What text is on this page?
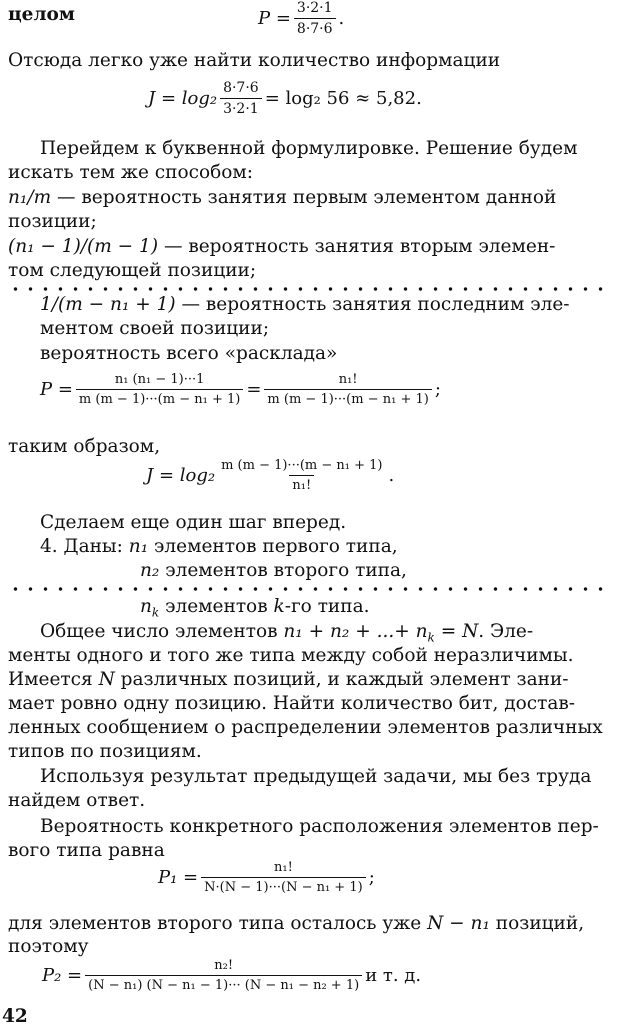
целом	$P = \frac{3\cdot 2\cdot 1}{8\cdot 7\cdot 6}$ .
Отсюда легко уже найти количество информации
$J = \log_2 \frac{8\cdot 7\cdot 6}{3\cdot 2\cdot 1} = \log_2$ 56 ≈ 5,82.
Перейдем к буквенной формулировке. Решение будем
искать тем же способом:
n₁/m — вероятность занятия первым элементом данной
позиции;
(n₁ − 1)/(m − 1) — вероятность занятия вторым элемен-
том следующей позиции;
1/(m − n₁ + 1) — вероятность занятия последним эле-
ментом своей позиции;
вероятность всего «расклада»
$P = \frac{\text{n₁ (n₁ − 1)···1}}{\text{m (m − 1)···(m − n₁ + 1)}} = \frac{\text{n₁!}}{\text{m (m − 1)···(m − n₁ + 1)}}$ ;
таким образом,
$J = \log_2 \frac{\text{m (m − 1)···(m − n₁ + 1)}}{\text{n₁!}}$ .
Сделаем еще один шаг вперед.
4. Даны: n₁ элементов первого типа,
n₂ элементов второго типа,
$n_k$ элементов k-го типа.
Общее число элементов n₁ + n₂ + ...+ $n_k = N$. Эле-
менты одного и того же типа между собой неразличимы.
Имеется N различных позиций, и каждый элемент зани-
мает ровно одну позицию. Найти количество бит, достав-
ленных сообщением о распределении элементов различных
типов по позициям.
Используя результат предыдущей задачи, мы без труда
найдем ответ.
Вероятность конкретного расположения элементов пер-
вого типа равна
$P_1 = \frac{\text{n₁!}}{\text{N·(N − 1)···(N − n₁ + 1)}}$ ;
для элементов второго типа осталось уже N − n₁ позиций,
поэтому
$P_2 = \frac{\text{n₂!}}{\text{(N − n₁) (N − n₁ − 1)··· (N − n₁ − n₂ + 1)}}$ и т. д.
42
